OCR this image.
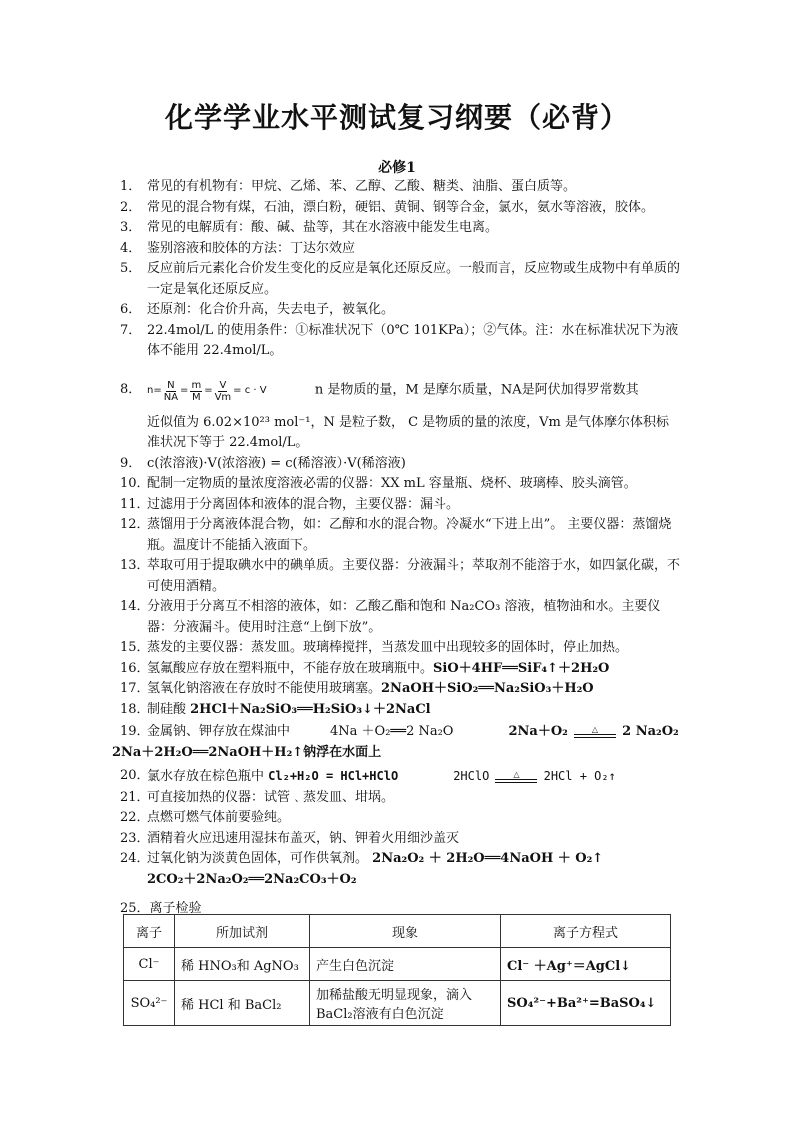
化学学业水平测试复习纲要（必背）
必修1
1． 常见的有机物有：甲烷、乙烯、苯、乙醇、乙酸、糖类、油脂、蛋白质等。
2． 常见的混合物有煤，石油，漂白粉，硬铝、黄铜、钢等合金，氯水，氨水等溶液，胶体。
3． 常见的电解质有：酸、碱、盐等，其在水溶液中能发生电离。
4． 鉴别溶液和胶体的方法：丁达尔效应
5． 反应前后元素化合价发生变化的反应是氧化还原反应。一般而言，反应物或生成物中有单质的一定是氧化还原反应。
6． 还原剂：化合价升高，失去电子，被氧化。
7． 22.4mol/L 的使用条件：①标准状况下（0℃ 101KPa）；②气体。注：水在标准状况下为液体不能用 22.4mol/L。
8． $n= \frac{N}{NA} = \frac{m}{M} = \frac{V}{Vm} = c \cdot V$	n 是物质的量，M 是摩尔质量，NA是阿伏加得罗常数其
近似值为 6.02×10²³ mol⁻¹，N 是粒子数， C 是物质的量的浓度，Vm 是气体摩尔体积标准状况下等于 22.4mol/L。
9． c(浓溶液)·V(浓溶液) = c(稀溶液）·V(稀溶液)
10．
配制一定物质的量浓度溶液必需的仪器：XX mL 容量瓶、烧杯、玻璃棒、胶头滴管。
11．
过滤用于分离固体和液体的混合物，主要仪器：漏斗。
12．
蒸馏用于分离液体混合物，如：乙醇和水的混合物。冷凝水“下进上出”。 主要仪器：蒸馏烧瓶。温度计不能插入液面下。
13．
萃取可用于提取碘水中的碘单质。主要仪器：分液漏斗；萃取剂不能溶于水，如四氯化碳，不可使用酒精。
14．
分液用于分离互不相溶的液体，如：乙酸乙酯和饱和 Na₂CO₃ 溶液，植物油和水。主要仪器：分液漏斗。使用时注意“上倒下放”。
15．
蒸发的主要仪器：蒸发皿。玻璃棒搅拌，当蒸发皿中出现较多的固体时，停止加热。
16．
氢氟酸应存放在塑料瓶中，不能存放在玻璃瓶中。SiO＋4HF══SiF₄↑＋2H₂O
17．
氢氧化钠溶液在存放时不能使用玻璃塞。2NaOH＋SiO₂══Na₂SiO₃＋H₂O
18．
制硅酸 2HCl＋Na₂SiO₃══H₂SiO₃↓＋2NaCl
19．
金属钠、钾存放在煤油中	4Na ＋O₂══2 Na₂O	2Na＋O₂	△ 2 Na₂O₂
2Na＋2H₂O══2NaOH＋H₂↑钠浮在水面上
20．
氯水存放在棕色瓶中 Cl₂+H₂O = HCl+HClO	2HClO	△ 2HCl + O₂↑
21．
可直接加热的仪器：试管﹑蒸发皿、坩埚。
22．
点燃可燃气体前要验纯。
23．
酒精着火应迅速用湿抹布盖灭，钠、钾着火用细沙盖灭
24．
过氧化钠为淡黄色固体，可作供氧剂。 2Na₂O₂ ＋ 2H₂O══4NaOH ＋ O₂↑
2CO₂＋2Na₂O₂══2Na₂CO₃＋O₂
25．离子检验
离子	所加试剂	现象	离子方程式
Cl⁻	稀 HNO₃和 AgNO₃	产生白色沉淀	Cl⁻ ＋Ag⁺＝AgCl↓
SO₄²⁻	稀 HCl 和 BaCl₂	加稀盐酸无明显现象，滴入 BaCl₂溶液有白色沉淀	SO₄²⁻+Ba²⁺=BaSO₄↓
